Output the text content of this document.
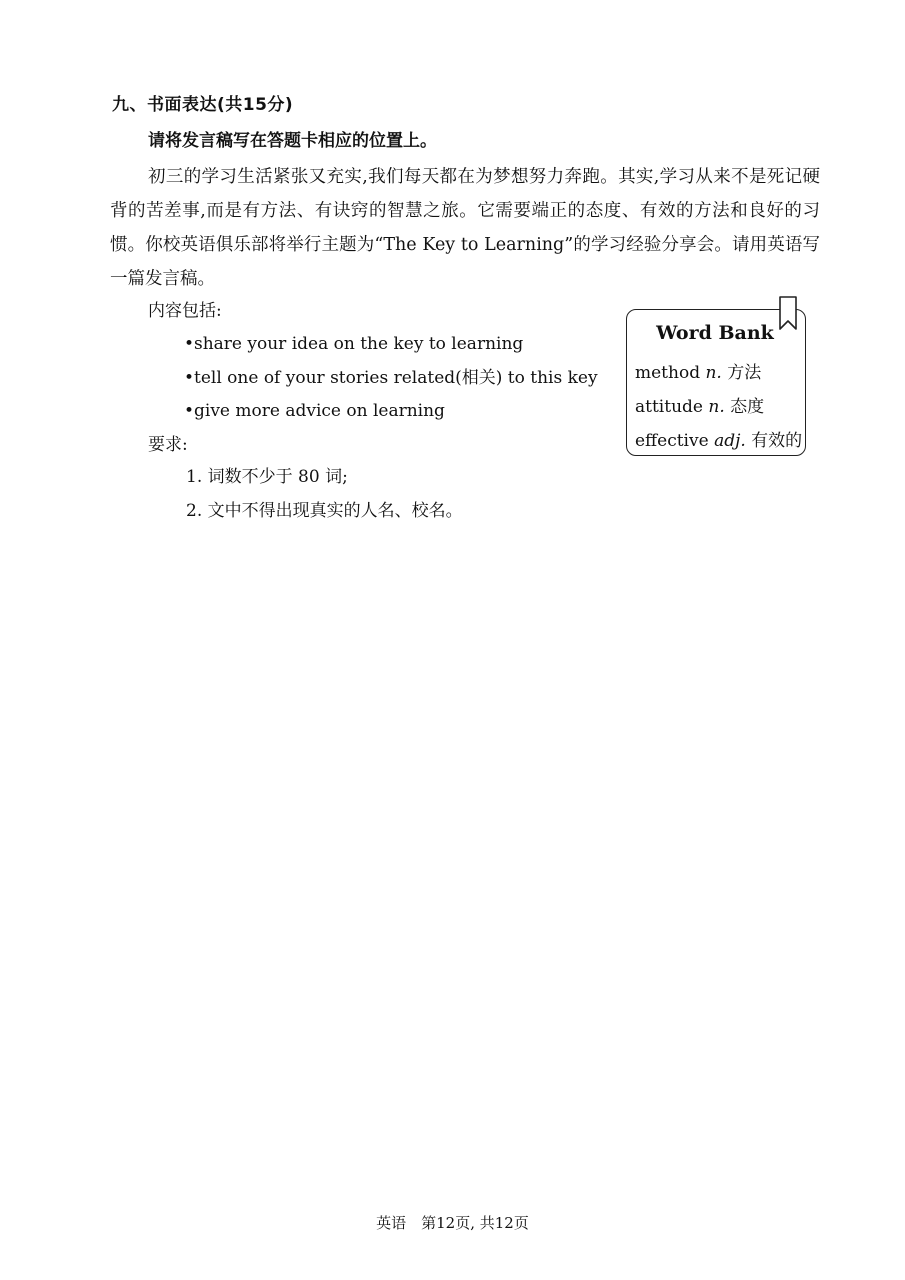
九、书面表达(共15分)
请将发言稿写在答题卡相应的位置上。
初三的学习生活紧张又充实,我们每天都在为梦想努力奔跑。其实,学习从来不是死记硬背的苦差事,而是有方法、有诀窍的智慧之旅。它需要端正的态度、有效的方法和良好的习惯。你校英语俱乐部将举行主题为“The Key to Learning”的学习经验分享会。请用英语写一篇发言稿。
内容包括:
•share your idea on the key to learning
•tell one of your stories related(相关) to this key
•give more advice on learning
要求:
1. 词数不少于 80 词;
2. 文中不得出现真实的人名、校名。
Word Bank
method n. 方法
attitude n. 态度
effective adj. 有效的
英语　第12页, 共12页
